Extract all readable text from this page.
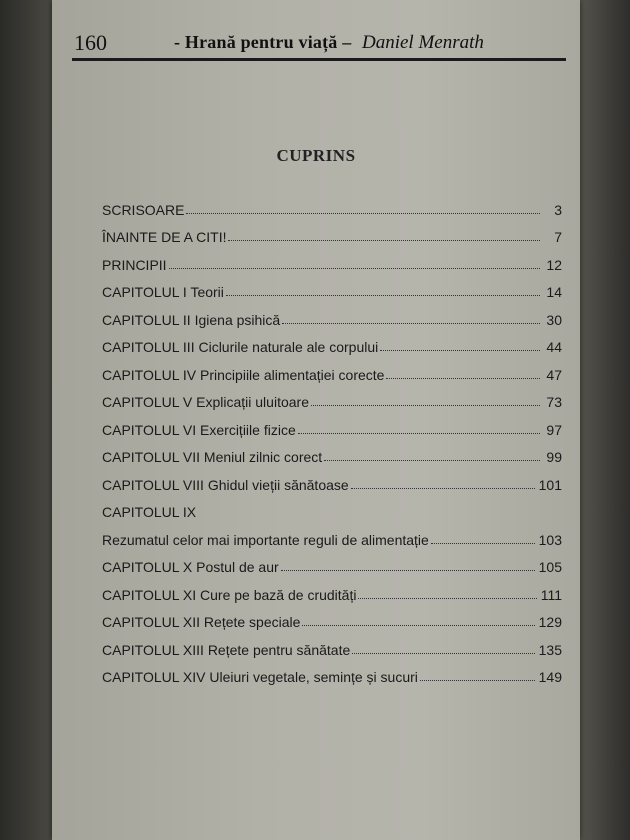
160	- Hrană pentru viață – Daniel Menrath
CUPRINS
SCRISOARE	3
ÎNAINTE DE A CITI!	7
PRINCIPII	12
CAPITOLUL I Teorii	14
CAPITOLUL II Igiena psihică	30
CAPITOLUL III Ciclurile naturale ale corpului	44
CAPITOLUL IV Principiile alimentației corecte	47
CAPITOLUL V Explicații uluitoare	73
CAPITOLUL VI Exercițiile fizice	97
CAPITOLUL VII Meniul zilnic corect	99
CAPITOLUL VIII Ghidul vieții sănătoase	101
CAPITOLUL IX
Rezumatul celor mai importante reguli de alimentație	103
CAPITOLUL X Postul de aur	105
CAPITOLUL XI Cure pe bază de crudități	111
CAPITOLUL XII Rețete speciale	129
CAPITOLUL XIII Rețete pentru sănătate	135
CAPITOLUL XIV Uleiuri vegetale, semințe și sucuri	149
